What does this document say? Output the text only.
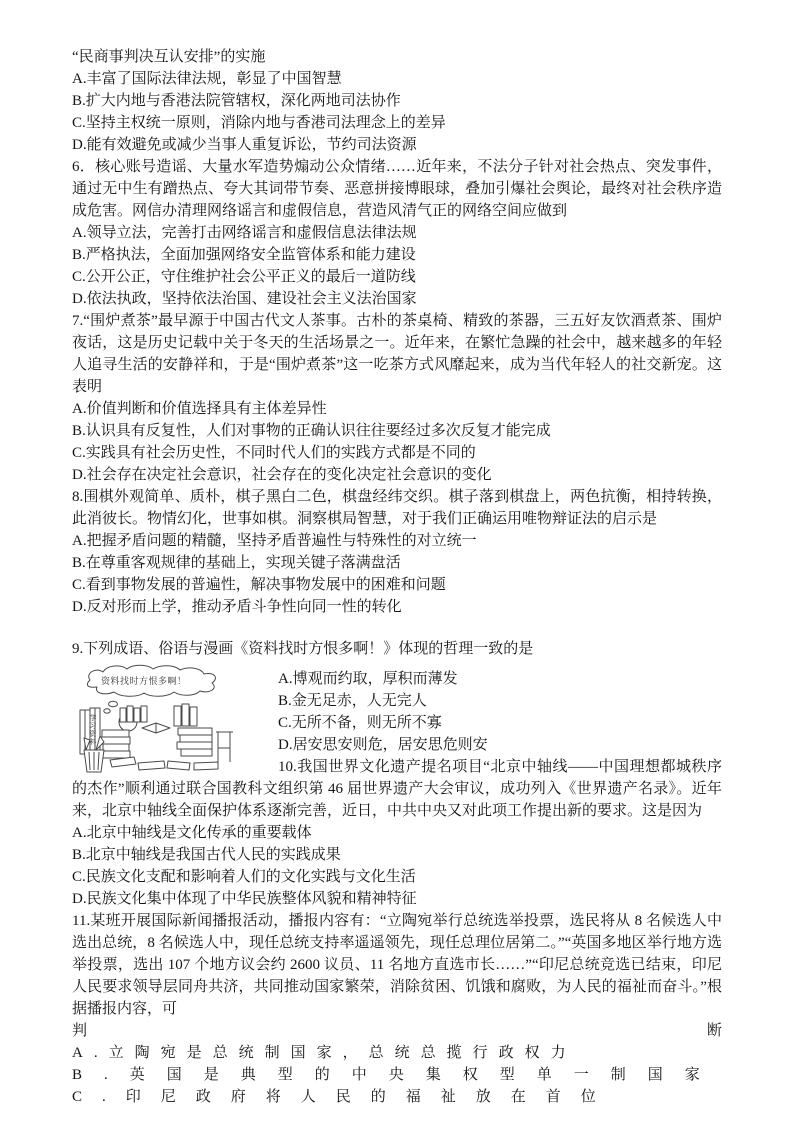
“民商事判决互认安排”的实施

A.丰富了国际法律法规，彰显了中国智慧

B.扩大内地与香港法院管辖权，深化两地司法协作

C.坚持主权统一原则，消除内地与香港司法理念上的差异

D.能有效避免或减少当事人重复诉讼，节约司法资源

6．核心账号造谣、大量水军造势煽动公众情绪……近年来，不法分子针对社会热点、突发事件，通过无中生有蹭热点、夸大其词带节奏、恶意拼接博眼球，叠加引爆社会舆论，最终对社会秩序造成危害。网信办清理网络谣言和虚假信息，营造风清气正的网络空间应做到

A.领导立法，完善打击网络谣言和虚假信息法律法规

B.严格执法，全面加强网络安全监管体系和能力建设

C.公开公正，守住维护社会公平正义的最后一道防线

D.依法执政，坚持依法治国、建设社会主义法治国家

7.“围炉煮茶”最早源于中国古代文人茶事。古朴的茶桌椅、精致的茶器，三五好友饮酒煮茶、围炉夜话，这是历史记载中关于冬天的生活场景之一。近年来，在繁忙急躁的社会中，越来越多的年轻人追寻生活的安静祥和，于是“围炉煮茶”这一吃茶方式风靡起来，成为当代年轻人的社交新宠。这表明

A.价值判断和价值选择具有主体差异性

B.认识具有反复性，人们对事物的正确认识往往要经过多次反复才能完成

C.实践具有社会历史性，不同时代人们的实践方式都是不同的

D.社会存在决定社会意识，社会存在的变化决定社会意识的变化

8.围棋外观简单、质朴，棋子黑白二色，棋盘经纬交织。棋子落到棋盘上，两色抗衡，相持转换，此消彼长。物情幻化，世事如棋。洞察棋局智慧，对于我们正确运用唯物辩证法的启示是

A.把握矛盾问题的精髓，坚持矛盾普遍性与特殊性的对立统一

B.在尊重客观规律的基础上，实现关键子落满盘活

C.看到事物发展的普遍性，解决事物发展中的困难和问题

D.反对形而上学，推动矛盾斗争性向同一性的转化

9.下列成语、俗语与漫画《资料找时方恨多啊！》体现的哲理一致的是

资料找时方恨多啊！
学习资料

A.博观而约取，厚积而薄发

B.金无足赤，人无完人

C.无所不备，则无所不寡

D.居安思安则危，居安思危则安

10.我国世界文化遗产提名项目“北京中轴线——中国理想都城秩序的杰作”顺利通过联合国教科文组织第 46 届世界遗产大会审议，成功列入《世界遗产名录》。近年来，北京中轴线全面保护体系逐渐完善，近日，中共中央又对此项工作提出新的要求。这是因为

A.北京中轴线是文化传承的重要载体

B.北京中轴线是我国古代人民的实践成果

C.民族文化支配和影响着人们的文化实践与文化生活

D.民族文化集中体现了中华民族整体风貌和精神特征

11.某班开展国际新闻播报活动，播报内容有：“立陶宛举行总统选举投票，选民将从 8 名候选人中选出总统，8 名候选人中，现任总统支持率遥遥领先，现任总理位居第二。”“英国多地区举行地方选举投票，选出 107 个地方议会约 2600 议员、11 名地方直选市长……”“印尼总统竞选已结束，印尼人民要求领导层同舟共济，共同推动国家繁荣，消除贫困、饥饿和腐败，为人民的福祉而奋斗。”根据播报内容，可

判	断

A.立陶宛是总统制国家，总统总揽行政权力

B.英国是典型的中央集权型单一制国家

C.印尼政府将人民的福祉放在首位
